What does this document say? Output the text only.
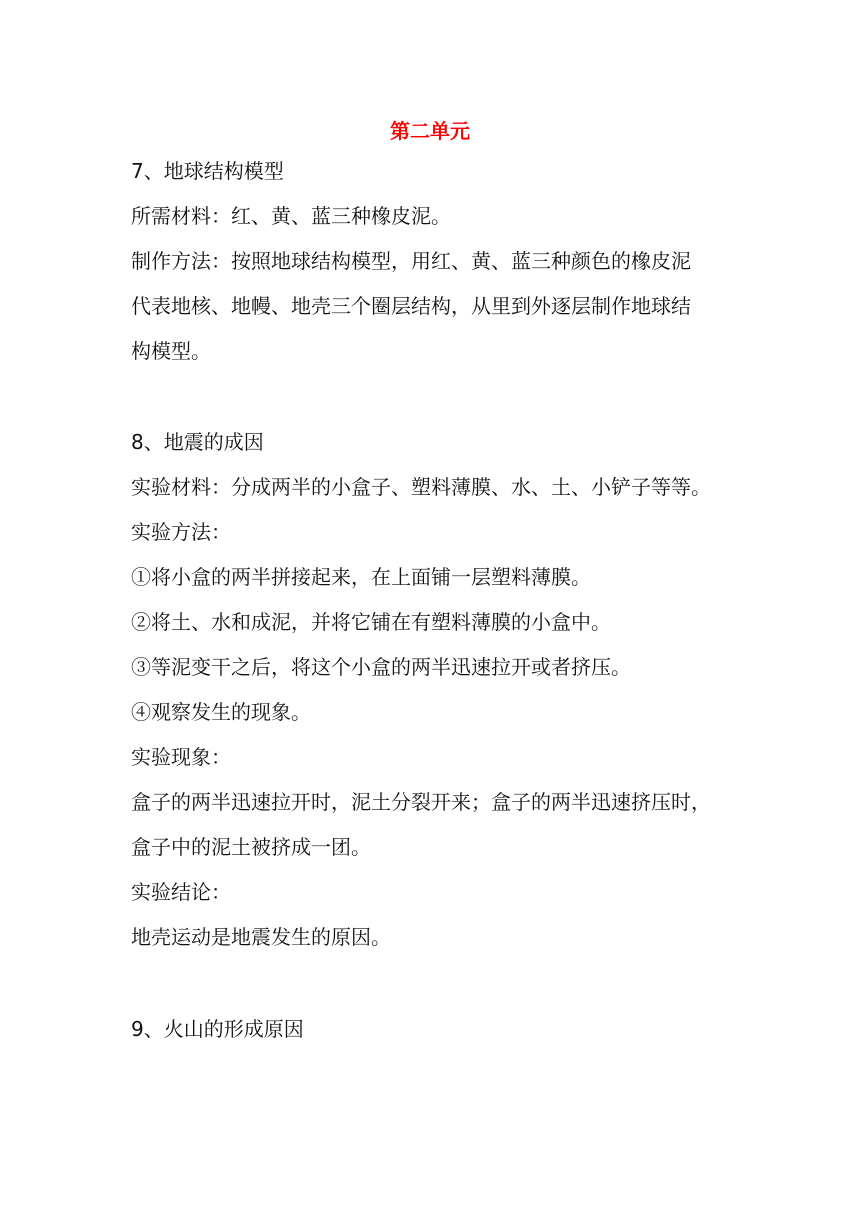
第二单元
7、地球结构模型
所需材料：红、黄、蓝三种橡皮泥。
制作方法：按照地球结构模型，用红、黄、蓝三种颜色的橡皮泥
代表地核、地幔、地壳三个圈层结构，从里到外逐层制作地球结
构模型。
8、地震的成因
实验材料：分成两半的小盒子、塑料薄膜、水、土、小铲子等等。
实验方法：
①将小盒的两半拼接起来，在上面铺一层塑料薄膜。
②将土、水和成泥，并将它铺在有塑料薄膜的小盒中。
③等泥变干之后，将这个小盒的两半迅速拉开或者挤压。
④观察发生的现象。
实验现象：
盒子的两半迅速拉开时，泥土分裂开来；盒子的两半迅速挤压时，
盒子中的泥土被挤成一团。
实验结论：
地壳运动是地震发生的原因。
9、火山的形成原因
